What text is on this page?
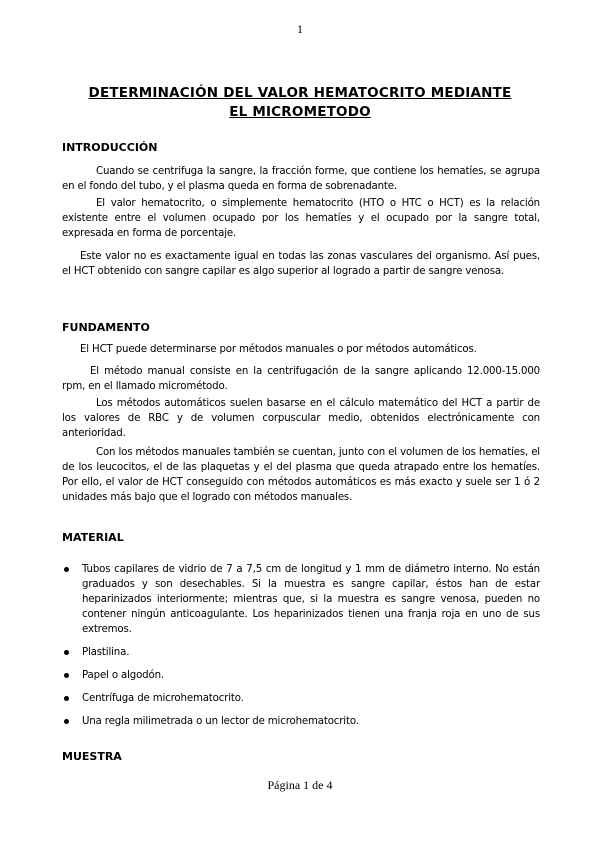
1
DETERMINACIÓN DEL VALOR HEMATOCRITO MEDIANTE
EL MICROMETODO
INTRODUCCIÓN

Cuando se centrifuga la sangre, la fracción forme, que contiene los hematíes, se agrupa en el fondo del tubo, y el plasma queda en forma de sobrenadante.

El valor hematocrito, o simplemente hematocrito (HTO o HTC o HCT) es la relación existente entre el volumen ocupado por los hematíes y el ocupado por la sangre total, expresada en forma de porcentaje.

Este valor no es exactamente igual en todas las zonas vasculares del organismo. Así pues, el HCT obtenido con sangre capilar es algo superior al logrado a partir de sangre venosa.

FUNDAMENTO

El HCT puede determinarse por métodos manuales o por métodos automáticos.

El método manual consiste en la centrifugación de la sangre aplicando 12.000-15.000 rpm, en el llamado micrométodo.

Los métodos automáticos suelen basarse en el cálculo matemático del HCT a partir de los valores de RBC y de volumen corpuscular medio, obtenidos electrónicamente con anterioridad.

Con los métodos manuales también se cuentan, junto con el volumen de los hematíes, el de los leucocitos, el de las plaquetas y el del plasma que queda atrapado entre los hematíes. Por ello, el valor de HCT conseguido con métodos automáticos es más exacto y suele ser 1 ó 2 unidades más bajo que el logrado con métodos manuales.

MATERIAL
Tubos capilares de vidrio de 7 a 7,5 cm de longitud y 1 mm de diámetro interno. No están graduados y son desechables. Si la muestra es sangre capilar, éstos han de estar heparinizados interiormente; mientras que, si la muestra es sangre venosa, pueden no contener ningún anticoagulante. Los heparinizados tienen una franja roja en uno de sus extremos.
Plastilina.
Papel o algodón.
Centrífuga de microhematocrito.
Una regla milimetrada o un lector de microhematocrito.
MUESTRA
Página 1 de 4
